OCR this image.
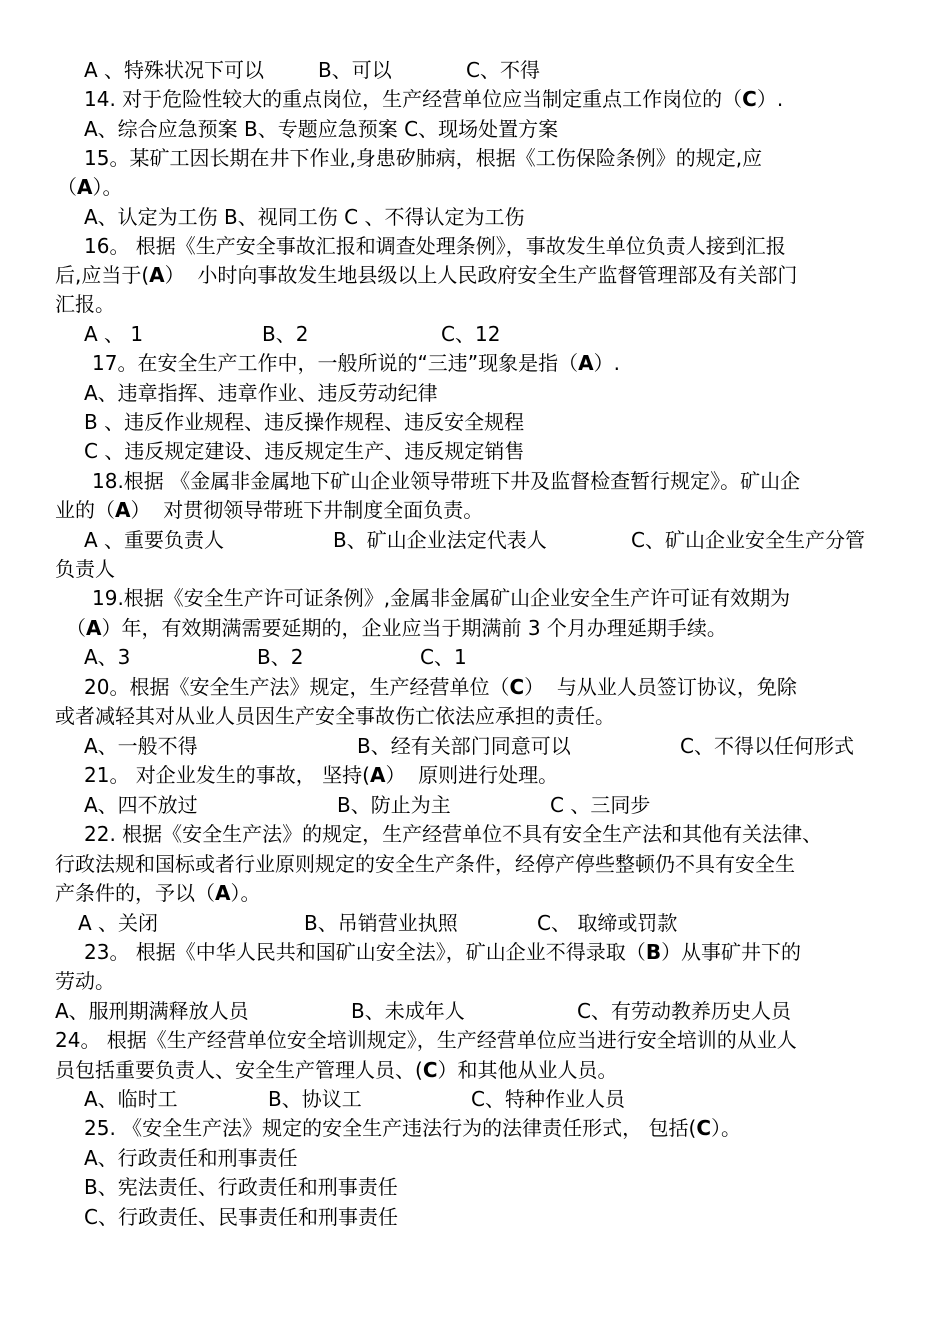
A 、特殊状况下可以	B、可以	C、不得
14. 对于危险性较大的重点岗位，生产经营单位应当制定重点工作岗位的（C）.
A、综合应急预案 B、专题应急预案 C、现场处置方案
15。某矿工因长期在井下作业,身患矽肺病，根据《工伤保险条例》的规定,应
（A）。
A、认定为工伤 B、视同工伤 C 、不得认定为工伤
16。 根据《生产安全事故汇报和调查处理条例》，事故发生单位负责人接到汇报
后,应当于(A）  小时向事故发生地县级以上人民政府安全生产监督管理部及有关部门
汇报。
A 、 1	B、2	C、12
17。在安全生产工作中，一般所说的“三违”现象是指（A）.
A、违章指挥、违章作业、违反劳动纪律
B 、违反作业规程、违反操作规程、违反安全规程
C 、违反规定建设、违反规定生产、违反规定销售
18.根据 《金属非金属地下矿山企业领导带班下井及监督检查暂行规定》。矿山企
业的（A）  对贯彻领导带班下井制度全面负责。
A 、重要负责人	B、矿山企业法定代表人	C、矿山企业安全生产分管
负责人
19.根据《安全生产许可证条例》,金属非金属矿山企业安全生产许可证有效期为
（A）年，有效期满需要延期的，企业应当于期满前 3 个月办理延期手续。
A、3	B、2	C、1
20。根据《安全生产法》规定，生产经营单位（C）  与从业人员签订协议，免除
或者减轻其对从业人员因生产安全事故伤亡依法应承担的责任。
A、一般不得	B、经有关部门同意可以	C、不得以任何形式
21。 对企业发生的事故， 坚持(A）  原则进行处理。
A、四不放过	B、防止为主	C 、三同步
22. 根据《安全生产法》的规定，生产经营单位不具有安全生产法和其他有关法律、
行政法规和国标或者行业原则规定的安全生产条件，经停产停些整顿仍不具有安全生
产条件的，予以（A）。
A 、关闭	B、吊销营业执照	C、 取缔或罚款
23。 根据《中华人民共和国矿山安全法》，矿山企业不得录取（B）从事矿井下的
劳动。
A、服刑期满释放人员	B、未成年人	C、有劳动教养历史人员
24。 根据《生产经营单位安全培训规定》，生产经营单位应当进行安全培训的从业人
员包括重要负责人、安全生产管理人员、(C）和其他从业人员。
A、临时工	B、协议工	C、特种作业人员
25. 《安全生产法》规定的安全生产违法行为的法律责任形式， 包括(C）。
A、行政责任和刑事责任
B、宪法责任、行政责任和刑事责任
C、行政责任、民事责任和刑事责任
